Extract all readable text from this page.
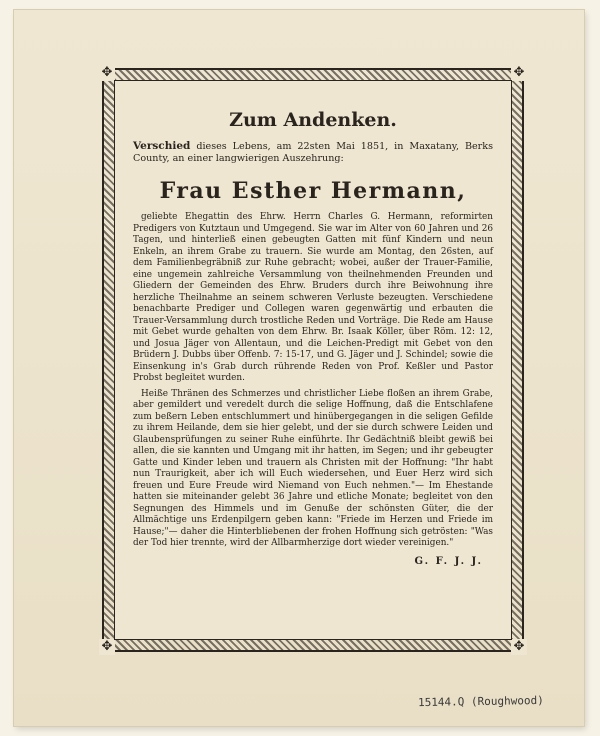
✥	✥
✥	✥
Zum Andenken.
Verschied dieses Lebens, am 22sten Mai 1851, in Maxatany, Berks County, an einer langwierigen Auszehrung:
Frau Esther Hermann,
geliebte Ehegattin des Ehrw. Herrn Charles G. Hermann, reformirten Predigers von Kutztaun und Umgegend. Sie war im Alter von 60 Jahren und 26 Tagen, und hinterließ einen gebeugten Gatten mit fünf Kindern und neun Enkeln, an ihrem Grabe zu trauern. Sie wurde am Montag, den 26sten, auf dem Familienbegräbniß zur Ruhe gebracht; wobei, außer der Trauer-Familie, eine ungemein zahlreiche Versammlung von theilnehmenden Freunden und Gliedern der Gemeinden des Ehrw. Bruders durch ihre Beiwohnung ihre herzliche Theilnahme an seinem schweren Verluste bezeugten. Verschiedene benachbarte Prediger und Collegen waren gegenwärtig und erbauten die Trauer-Versammlung durch trostliche Reden und Vorträge. Die Rede am Hause mit Gebet wurde gehalten von dem Ehrw. Br. Isaak Köller, über Röm. 12: 12, und Josua Jäger von Allentaun, und die Leichen-Predigt mit Gebet von den Brüdern J. Dubbs über Offenb. 7: 15-17, und G. Jäger und J. Schindel; sowie die Einsenkung in's Grab durch rührende Reden von Prof. Keßler und Pastor Probst begleitet wurden.
Heiße Thränen des Schmerzes und christlicher Liebe floßen an ihrem Grabe, aber gemildert und veredelt durch die selige Hoffnung, daß die Entschlafene zum beßern Leben entschlummert und hinübergegangen in die seligen Gefilde zu ihrem Heilande, dem sie hier gelebt, und der sie durch schwere Leiden und Glaubensprüfungen zu seiner Ruhe einführte. Ihr Gedächtniß bleibt gewiß bei allen, die sie kannten und Umgang mit ihr hatten, im Segen; und ihr gebeugter Gatte und Kinder leben und trauern als Christen mit der Hoffnung: "Ihr habt nun Traurigkeit, aber ich will Euch wiedersehen, und Euer Herz wird sich freuen und Eure Freude wird Niemand von Euch nehmen."— Im Ehestande hatten sie miteinander gelebt 36 Jahre und etliche Monate; begleitet von den Segnungen des Himmels und im Genuße der schönsten Güter, die der Allmächtige uns Erdenpilgern geben kann: "Friede im Herzen und Friede im Hause;"— daher die Hinterbliebenen der frohen Hoffnung sich getrösten: "Was der Tod hier trennte, wird der Allbarmherzige dort wieder vereinigen."
G. F. J. J.
15144.Q (Roughwood)
